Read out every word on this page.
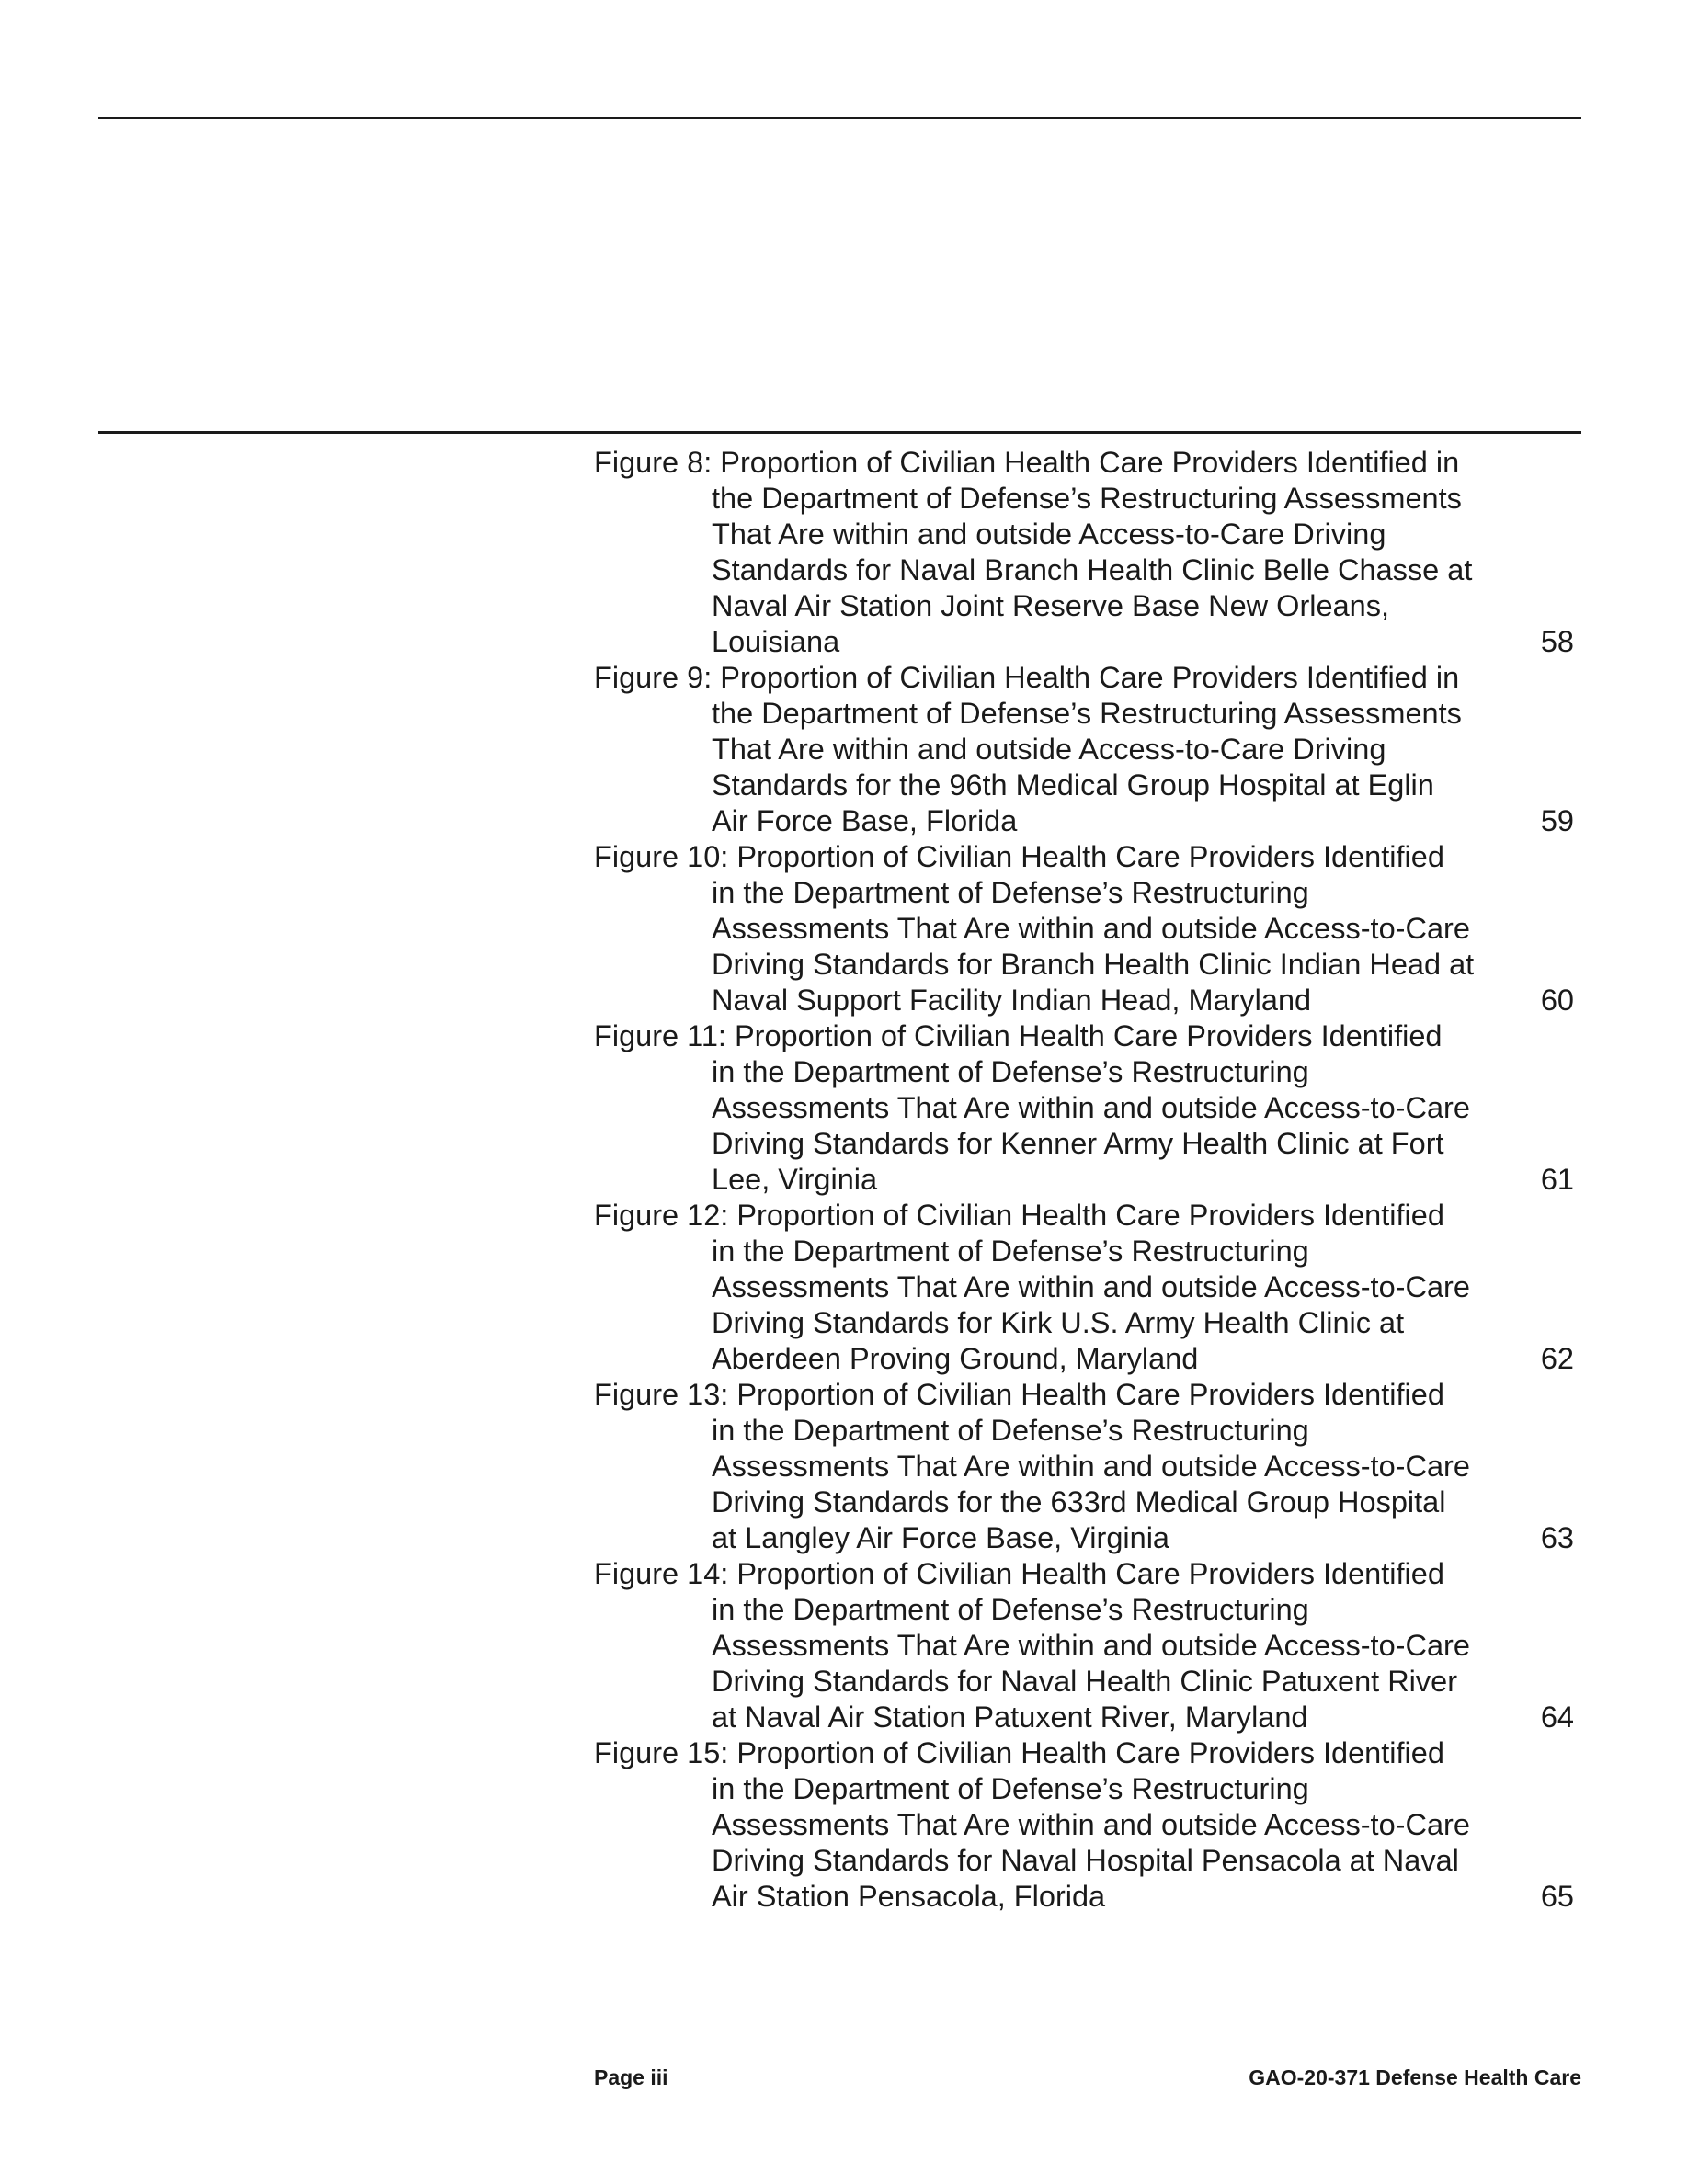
Figure 8: Proportion of Civilian Health Care Providers Identified in
the Department of Defense’s Restructuring Assessments
That Are within and outside Access-to-Care Driving
Standards for Naval Branch Health Clinic Belle Chasse at
Naval Air Station Joint Reserve Base New Orleans,
Louisiana	58
Figure 9: Proportion of Civilian Health Care Providers Identified in
the Department of Defense’s Restructuring Assessments
That Are within and outside Access-to-Care Driving
Standards for the 96th Medical Group Hospital at Eglin
Air Force Base, Florida	59
Figure 10: Proportion of Civilian Health Care Providers Identified
in the Department of Defense’s Restructuring
Assessments That Are within and outside Access-to-Care
Driving Standards for Branch Health Clinic Indian Head at
Naval Support Facility Indian Head, Maryland	60
Figure 11: Proportion of Civilian Health Care Providers Identified
in the Department of Defense’s Restructuring
Assessments That Are within and outside Access-to-Care
Driving Standards for Kenner Army Health Clinic at Fort
Lee, Virginia	61
Figure 12: Proportion of Civilian Health Care Providers Identified
in the Department of Defense’s Restructuring
Assessments That Are within and outside Access-to-Care
Driving Standards for Kirk U.S. Army Health Clinic at
Aberdeen Proving Ground, Maryland	62
Figure 13: Proportion of Civilian Health Care Providers Identified
in the Department of Defense’s Restructuring
Assessments That Are within and outside Access-to-Care
Driving Standards for the 633rd Medical Group Hospital
at Langley Air Force Base, Virginia	63
Figure 14: Proportion of Civilian Health Care Providers Identified
in the Department of Defense’s Restructuring
Assessments That Are within and outside Access-to-Care
Driving Standards for Naval Health Clinic Patuxent River
at Naval Air Station Patuxent River, Maryland	64
Figure 15: Proportion of Civilian Health Care Providers Identified
in the Department of Defense’s Restructuring
Assessments That Are within and outside Access-to-Care
Driving Standards for Naval Hospital Pensacola at Naval
Air Station Pensacola, Florida	65
Page iii	GAO-20-371 Defense Health Care
